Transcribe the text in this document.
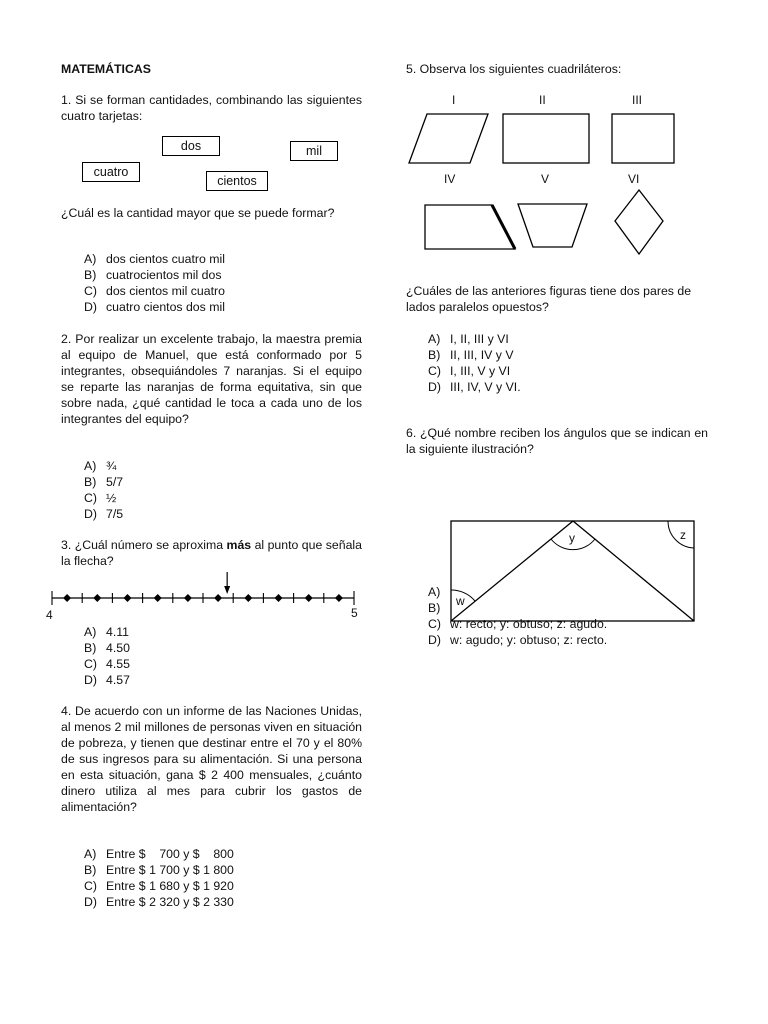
MATEMÁTICAS
1. Si se forman cantidades, combinando las siguientes cuatro tarjetas:
dos	mil
cuatro
cientos
¿Cuál es la cantidad mayor que se puede formar?
A) dos cientos cuatro mil
B) cuatrocientos mil dos
C) dos cientos mil cuatro
D) cuatro cientos dos mil
2. Por realizar un excelente trabajo, la maestra premia al equipo de Manuel, que está conformado por 5 integrantes, obsequiándoles 7 naranjas. Si el equipo se reparte las naranjas de forma equitativa, sin que sobre nada, ¿qué cantidad le toca a cada uno de los integrantes del equipo?
A) ¾
B) 5/7
C) ½
D) 7/5
3. ¿Cuál número se aproxima más al punto que señala la flecha?
4	5
A) 4.11
B) 4.50
C) 4.55
D) 4.57
4. De acuerdo con un informe de las Naciones Unidas, al menos 2 mil millones de personas viven en situación de pobreza, y tienen que destinar entre el 70 y el 80% de sus ingresos para su alimentación. Si una persona en esta situación, gana $ 2 400 mensuales, ¿cuánto dinero utiliza al mes para cubrir los gastos de alimentación?
A) Entre $    700 y $    800
B) Entre $ 1 700 y $ 1 800
C) Entre $ 1 680 y $ 1 920
D) Entre $ 2 320 y $ 2 330
5. Observa los siguientes cuadriláteros:
I	II	III
IV	V	VI
¿Cuáles de las anteriores figuras tiene dos pares de lados paralelos opuestos?
A) I, II, III y VI
B) II, III, IV y V
C) I, III, V y VI
D) III, IV, V y VI.
6. ¿Qué nombre reciben los ángulos que se indican en la siguiente ilustración?
A)
B)
C) w: recto; y: obtuso; z: agudo.
D) w: agudo; y: obtuso; z: recto.
w
y	z
